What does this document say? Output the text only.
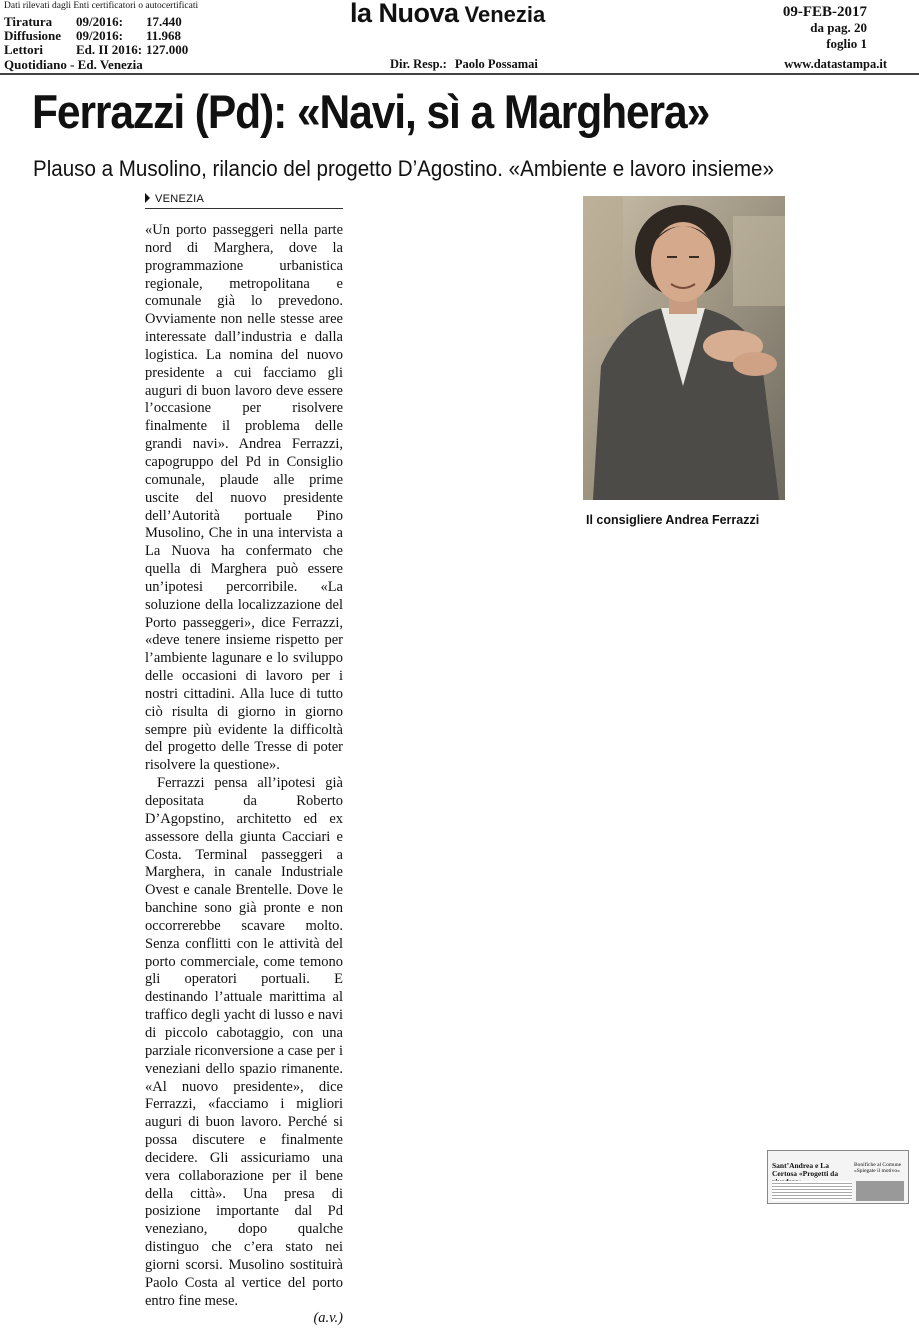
Dati rilevati dagli Enti certificatori o autocertificati
Tiratura 09/2016: 17.440
Diffusione 09/2016: 11.968
Lettori	Ed. II 2016: 127.000
Quotidiano - Ed. Venezia
la Nuova Venezia
Dir. Resp.: Paolo Possamai
09-FEB-2017
da pag. 20
foglio 1
www.datastampa.it
Ferrazzi (Pd): «Navi, sì a Marghera»
Plauso a Musolino, rilancio del progetto D’Agostino. «Ambiente e lavoro insieme»
VENEZIA

«Un porto passeggeri nella parte nord di Marghera, dove la programmazione urbanistica regionale, metropolitana e comunale già lo prevedono. Ovviamente non nelle stesse aree interessate dall’industria e dalla logistica. La nomina del nuovo presidente a cui facciamo gli auguri di buon lavoro deve essere l’occasione per risolvere finalmente il problema delle grandi navi». Andrea Ferrazzi, capogruppo del Pd in Consiglio comunale, plaude alle prime uscite del nuovo presidente dell’Autorità portuale Pino Musolino, Che in una intervista a La Nuova ha confermato che quella di Marghera può essere un’ipotesi percorribile. «La soluzione della localizzazione del Porto passeggeri», dice Ferrazzi, «deve tenere insieme rispetto per l’ambiente lagunare e lo sviluppo delle occasioni di lavoro per i nostri cittadini. Alla luce di tutto ciò risulta di giorno in giorno sempre più evidente la difficoltà del progetto delle Tresse di poter risolvere la questione».

Ferrazzi pensa all’ipotesi già depositata da Roberto D’Agopstino, architetto ed ex assessore della giunta Cacciari e Costa. Terminal passeggeri a Marghera, in canale Industriale Ovest e canale Brentelle. Dove le banchine sono già pronte e non occorrerebbe scavare molto. Senza conflitti con le attività del porto commerciale, come temono gli operatori portuali. E destinando l’attuale marittima al traffico degli yacht di lusso e navi di piccolo cabotaggio, con una parziale riconversione a case per i veneziani dello spazio rimanente. «Al nuovo presidente», dice Ferrazzi, «facciamo i migliori auguri di buon lavoro. Perché si possa discutere e finalmente decidere. Gli assicuriamo una vera collaborazione per il bene della città». Una presa di posizione importante dal Pd veneziano, dopo qualche distinguo che c’era stato nei giorni scorsi. Musolino sostituirà Paolo Costa al vertice del porto entro fine mese.

(a.v.)
Il consigliere Andrea Ferrazzi

Sant’Andrea e La Certosa «Progetti da
Bonifiche al Comune «Spiegate il motivo»
